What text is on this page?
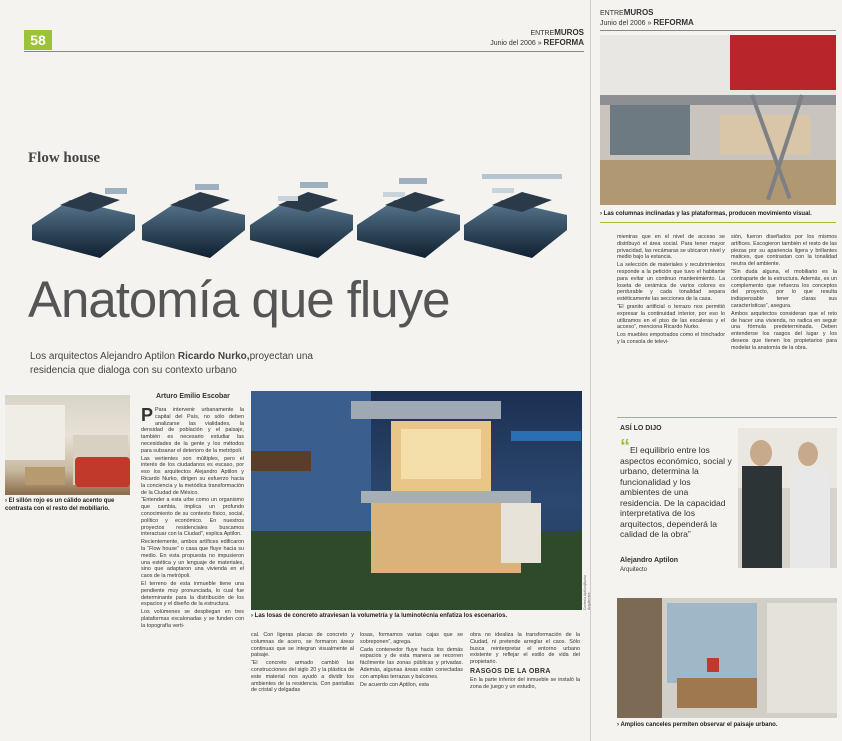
58	ENTREMUROS
Junio del 2006 » REFORMA
ENTREMUROS
Junio del 2006 » REFORMA
Flow house
Anatomía que fluye
Los arquitectos Alejandro Aptilon Ricardo Nurko,proyectan una residencia que dialoga con su contexto urbano
› El sillón rojo es un cálido acento que contrasta con el resto del mobiliario.
Arturo Emilio Escobar

P Para intervenir urbanamente la capital del País, no sólo deben analizarse las vialidades, la densidad de población y el paisaje, también es necesario estudiar las necesidades de la gente y los métodos para subsanar el deterioro de la metrópoli.

Las vertientes son múltiples, pero el interés de los ciudadanos es escaso, por eso los arquitectos Alejandro Aptilon y Ricardo Nurko, dirigen su esfuerzo hacia la conciencia y la metódica transformación de la Ciudad de México.

“Entender a esta urbe como un organismo que cambia, implica un profundo conocimiento de su contexto físico, social, político y económico. En nuestros proyectos residenciales buscamos interactuar con la Ciudad”, explica Aptilon.

Recientemente, ambos artífices edificaron la “Flow house” o casa que fluye hacia su medio. En esta propuesta no impusieron una estética y un lenguaje de materiales, sino que adaptaron una vivienda en el caos de la metrópoli.

El terreno de esta inmueble tiene una pendiente muy pronunciada, lo cual fue determinante para la distribución de los espacios y el diseño de la estructura.

Los volúmenes se despliegan en tres plataformas escalonadas y se funden con la topografía verti-

Cortesía Aptilon|Nurko Arquitectos
› Las losas de concreto atraviesan la volumetría y la luminotécnia enfatiza los escenarios.

cal. Con ligeras placas de concreto y columnas de acero, se formaron áreas continuas que se integran visualmente al paisaje.

“El concreto armado cambió las construcciones del siglo 20 y la plástica de este material nos ayudó a dividir los ambientes de la residencia. Con pantallas de cristal y delgadas

losas, formamos varias cajas que se sobreponen”, agrega.

Cada contenedor fluye hacia los demás espacios y de esta manera se recorren fácilmente las zonas públicas y privadas. Además, algunas áreas están conectadas con amplias terrazas y balcones.

De acuerdo con Aptilon, esta

obra no idealiza la transformación de la Ciudad, ni pretende arreglar el caos. Sólo busca reinterpretar el entorno urbano existente y reflejar el estilo de vida del propietario.

RASGOS DE LA OBRA

En la parte inferior del inmueble se instaló la zona de juego y un estudio,

› Las columnas inclinadas y las plataformas, producen movimiento visual.

mientras que en el nivel de acceso se distribuyó el área social. Para tener mayor privacidad, las recámaras se ubicaron nivel y medio bajo la estancia.

La selección de materiales y recubrimientos responde a la petición que tuvo el habitante para evitar un continuo mantenimiento. La loseta de cerámica de varios colores es perdurable y cada tonalidad separa estéticamente las secciones de la casa.

“El granito artificial o terrazo nos permitió expresar la continuidad interior, por eso lo utilizamos en el piso de las escaleras y el acceso”, menciona Ricardo Nurko.

Los muebles empotrados como el trinchador y la consola de televi-

sión, fueron diseñados por los mismos artífices. Escogieron también el resto de las piezas por su apariencia ligera y brillantes matices, que contrastan con la tonalidad neutra del ambiente.

“Sin duda alguna, el mobiliario es la contraparte de la estructura. Además, es un complemento que refuerza los conceptos del proyecto, por lo que resulta indispensable tener claras sus características”, asegura.

Ambos arquitectos consideran que el reto de hacer una vivienda, no radica en seguir una fórmula predeterminada. Deben entenderse los rasgos del lugar y los deseos que tienen los propietarios para modelar la anatomía de la obra.

ASÍ LO DIJO
“El equilibrio entre los aspectos económico, social y urbano, determina la funcionalidad y los ambientes de una residencia. De la capacidad interpretativa de los arquitectos, dependerá la calidad de la obra”
Alejandro Aptilon
Arquitecto
› Amplios canceles permiten observar el paisaje urbano.
